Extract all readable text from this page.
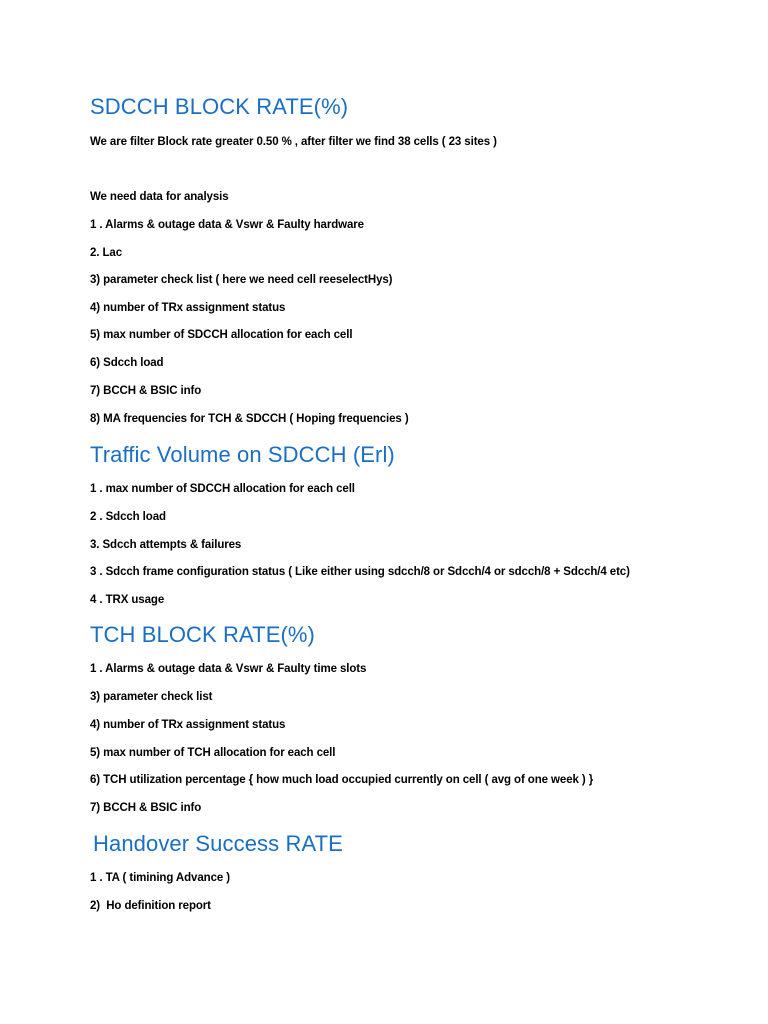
SDCCH BLOCK RATE(%)

We are filter Block rate greater 0.50 % , after filter we find 38 cells ( 23 sites )

We need data for analysis

1 . Alarms & outage data & Vswr & Faulty hardware

2. Lac

3) parameter check list ( here we need cell reeselectHys)

4) number of TRx assignment status

5) max number of SDCCH allocation for each cell

6) Sdcch load

7) BCCH & BSIC info

8) MA frequencies for TCH & SDCCH ( Hoping frequencies )

Traffic Volume on SDCCH (Erl)

1 . max number of SDCCH allocation for each cell

2 . Sdcch load

3. Sdcch attempts & failures

3 . Sdcch frame configuration status ( Like either using sdcch/8 or Sdcch/4 or sdcch/8 + Sdcch/4 etc)

4 . TRX usage

TCH BLOCK RATE(%)

1 . Alarms & outage data & Vswr & Faulty time slots

3) parameter check list

4) number of TRx assignment status

5) max number of TCH allocation for each cell

6) TCH utilization percentage { how much load occupied currently on cell ( avg of one week ) }

7) BCCH & BSIC info

Handover Success RATE

1 . TA ( timining Advance )

2)  Ho definition report
